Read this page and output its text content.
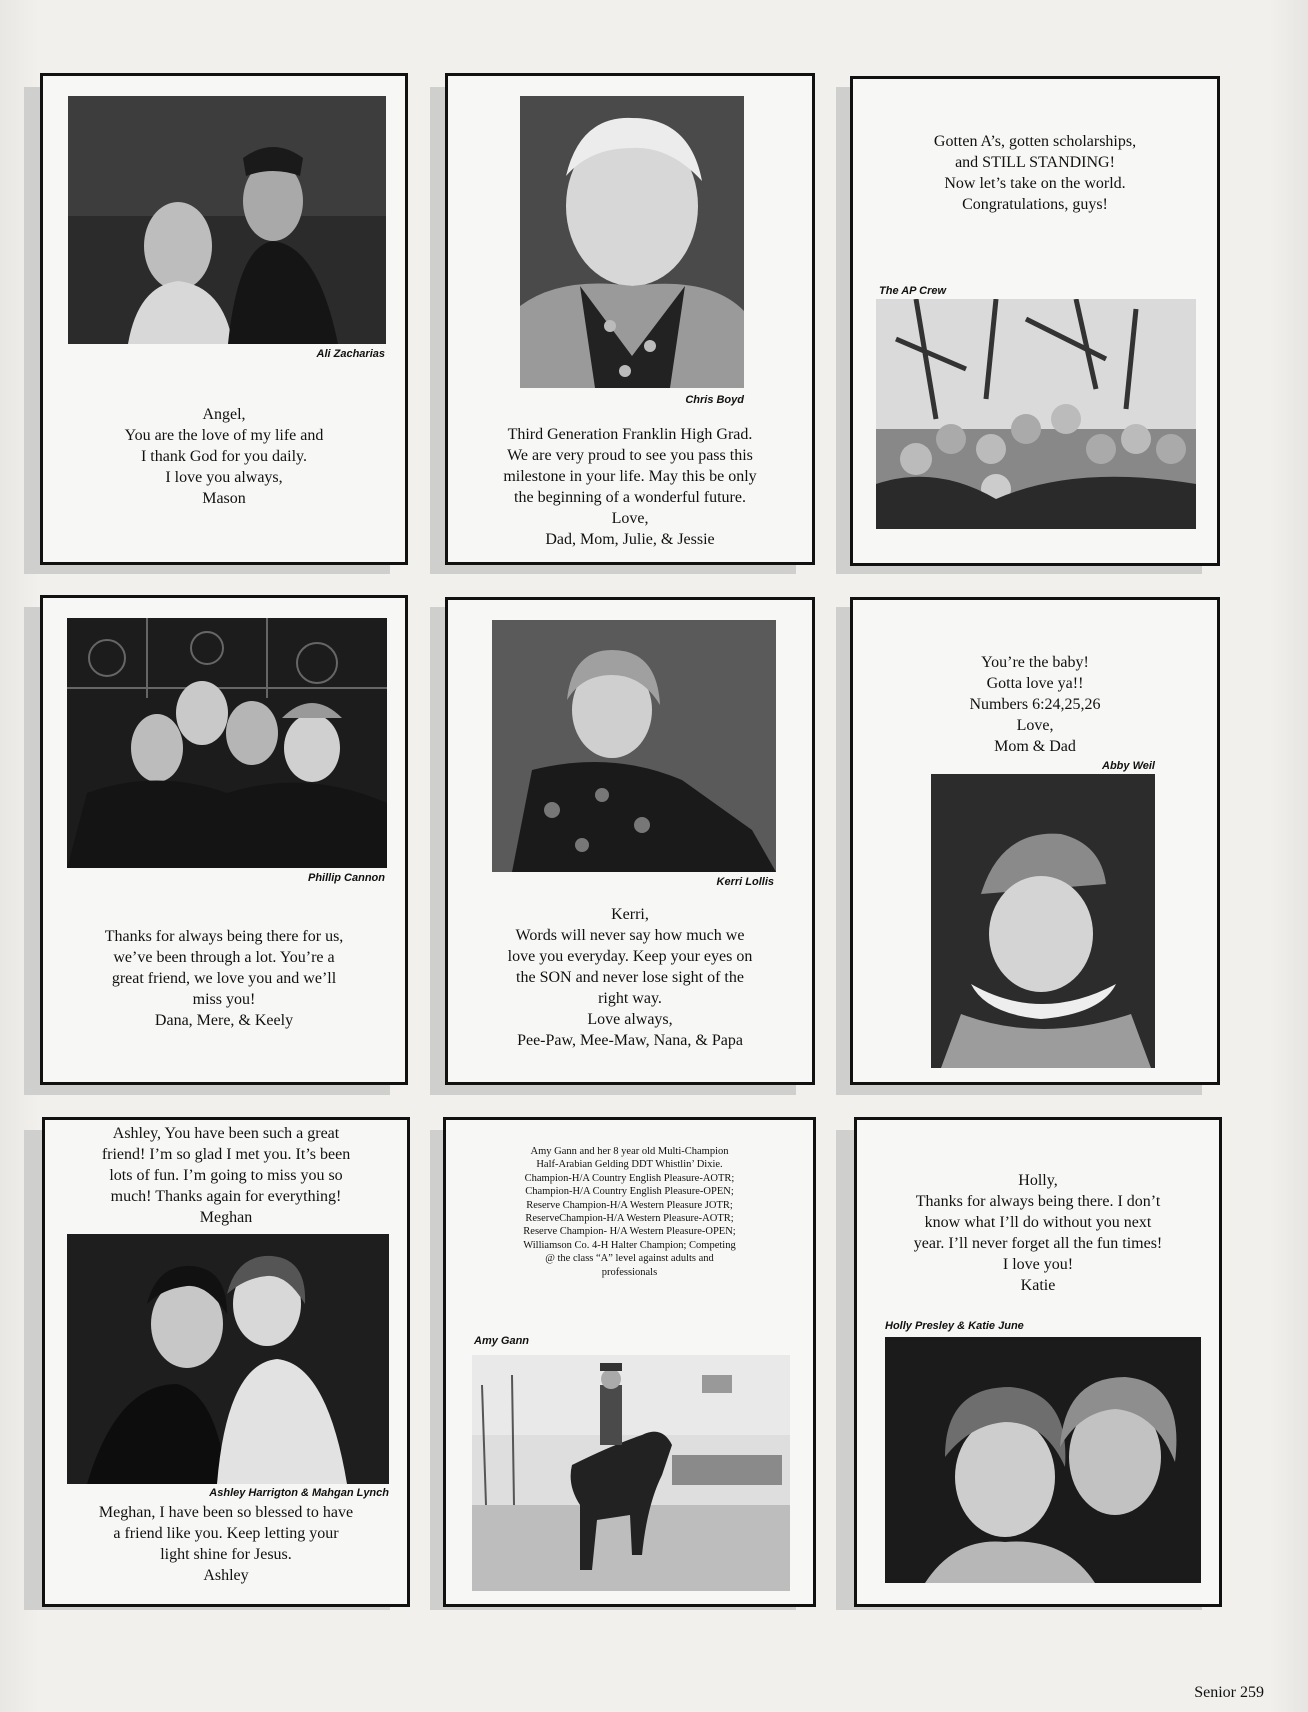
Ali Zacharias
Angel,
You are the love of my life and
I thank God for you daily.
I love you always,
Mason
Chris Boyd
Third Generation Franklin High Grad.
We are very proud to see you pass this
milestone in your life. May this be only
the beginning of a wonderful future.
Love,
Dad, Mom, Julie, & Jessie
Gotten A’s, gotten scholarships,
and STILL STANDING!
Now let’s take on the world.
Congratulations, guys!
The AP Crew
Phillip Cannon
Thanks for always being there for us,
we’ve been through a lot. You’re a
great friend, we love you and we’ll
miss you!
Dana, Mere, & Keely
Kerri Lollis
Kerri,
Words will never say how much we
love you everyday. Keep your eyes on
the SON and never lose sight of the
right way.
Love always,
Pee-Paw, Mee-Maw, Nana, & Papa
You’re the baby!
Gotta love ya!!
Numbers 6:24,25,26
Love,
Mom & Dad
Abby Weil
Ashley, You have been such a great
friend! I’m so glad I met you. It’s been
lots of fun. I’m going to miss you so
much! Thanks again for everything!
Meghan
Ashley Harrigton & Mahgan Lynch
Meghan, I have been so blessed to have
a friend like you. Keep letting your
light shine for Jesus.
Ashley
Amy Gann and her 8 year old Multi-Champion
Half-Arabian Gelding DDT Whistlin’ Dixie.
Champion-H/A Country English Pleasure-AOTR;
Champion-H/A Country English Pleasure-OPEN;
Reserve Champion-H/A Western Pleasure JOTR;
ReserveChampion-H/A Western Pleasure-AOTR;
Reserve Champion- H/A Western Pleasure-OPEN;
Williamson Co. 4-H Halter Champion; Competing
@ the class “A” level against adults and
professionals
Amy Gann
Holly,
Thanks for always being there. I don’t
know what I’ll do without you next
year. I’ll never forget all the fun times!
I love you!
Katie
Holly Presley & Katie June
Senior 259
